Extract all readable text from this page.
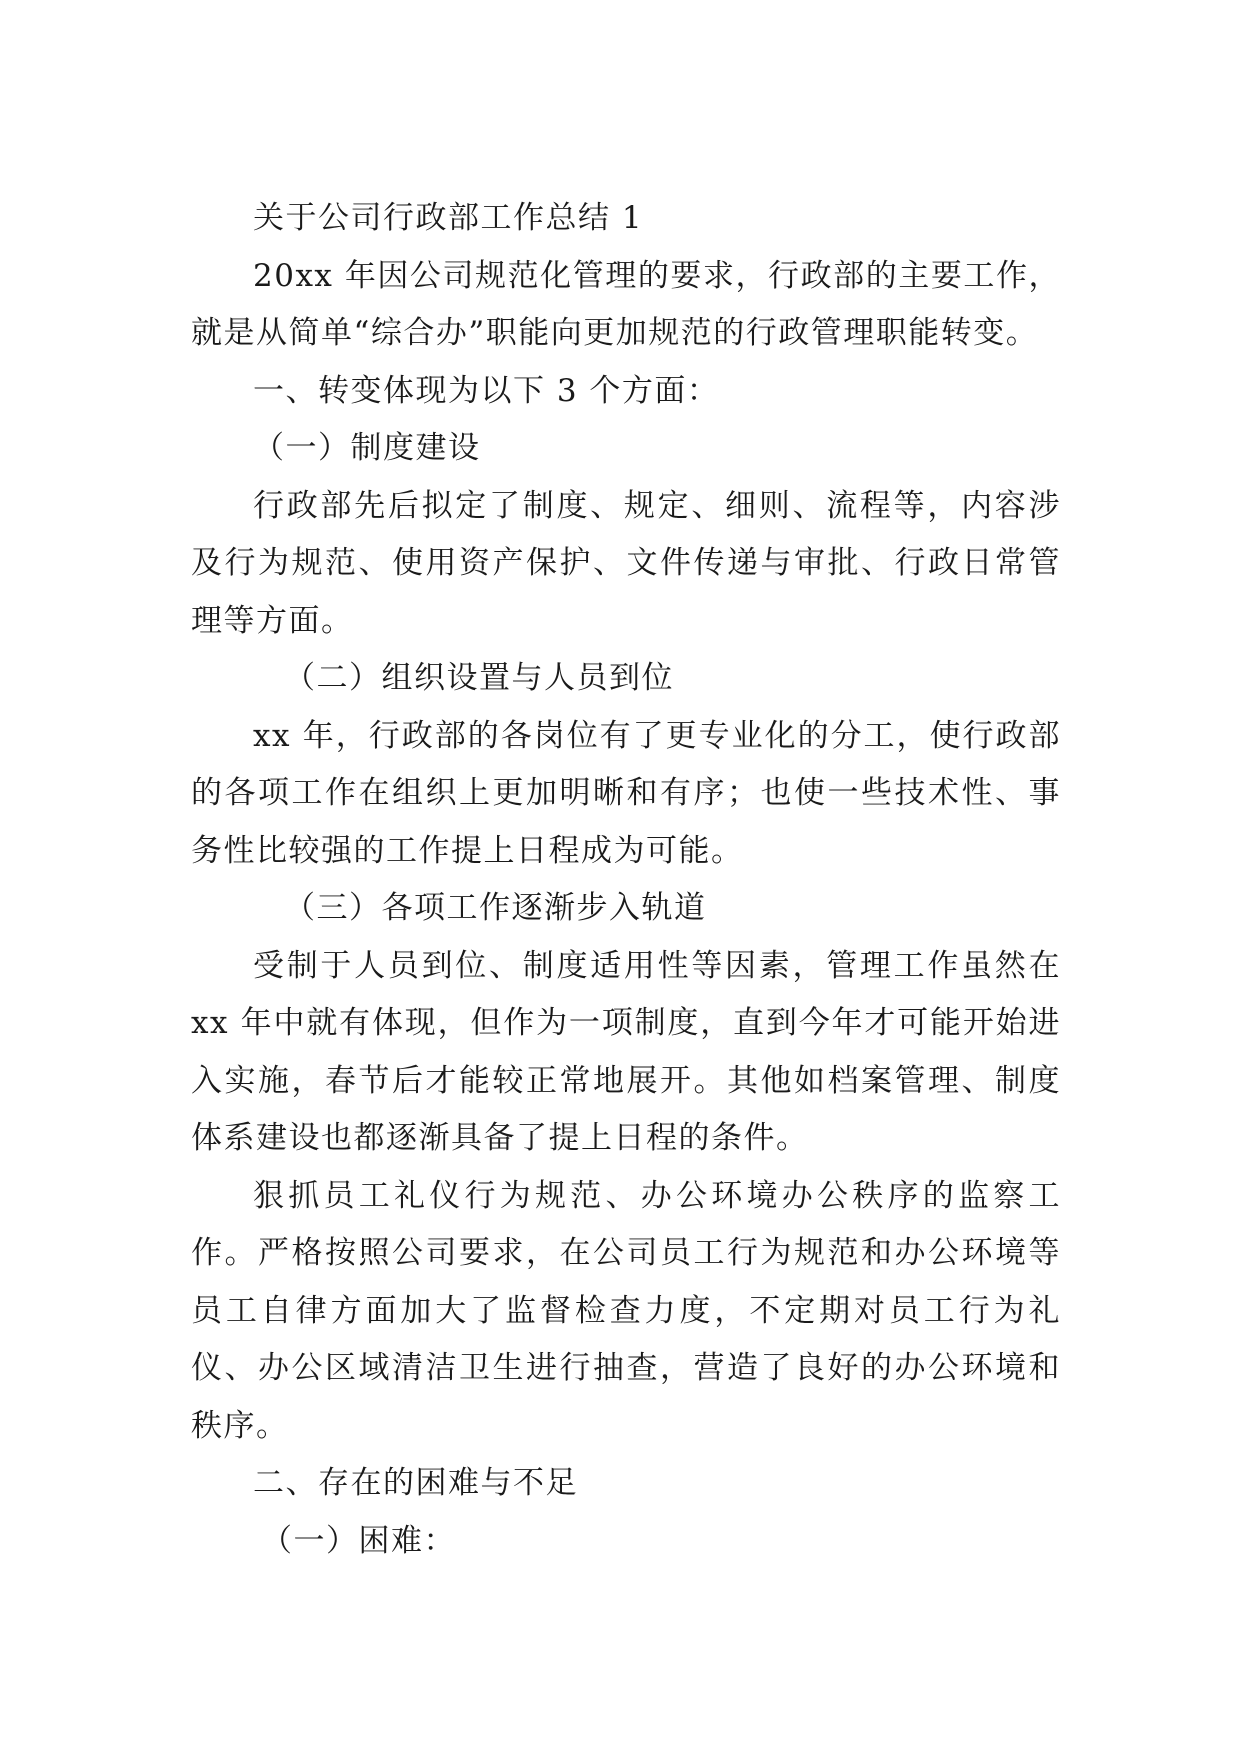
关于公司行政部工作总结 1

20xx 年因公司规范化管理的要求，行政部的主要工作，就是从简单“综合办”职能向更加规范的行政管理职能转变。

一、转变体现为以下 3 个方面：

（一）制度建设

行政部先后拟定了制度、规定、细则、流程等，内容涉及行为规范、使用资产保护、文件传递与审批、行政日常管理等方面。

（二）组织设置与人员到位

xx 年，行政部的各岗位有了更专业化的分工，使行政部的各项工作在组织上更加明晰和有序；也使一些技术性、事务性比较强的工作提上日程成为可能。

（三）各项工作逐渐步入轨道

受制于人员到位、制度适用性等因素，管理工作虽然在 xx 年中就有体现，但作为一项制度，直到今年才可能开始进入实施，春节后才能较正常地展开。其他如档案管理、制度体系建设也都逐渐具备了提上日程的条件。

狠抓员工礼仪行为规范、办公环境办公秩序的监察工作。严格按照公司要求，在公司员工行为规范和办公环境等员工自律方面加大了监督检查力度，不定期对员工行为礼仪、办公区域清洁卫生进行抽查，营造了良好的办公环境和秩序。

二、存在的困难与不足

（一）困难：
